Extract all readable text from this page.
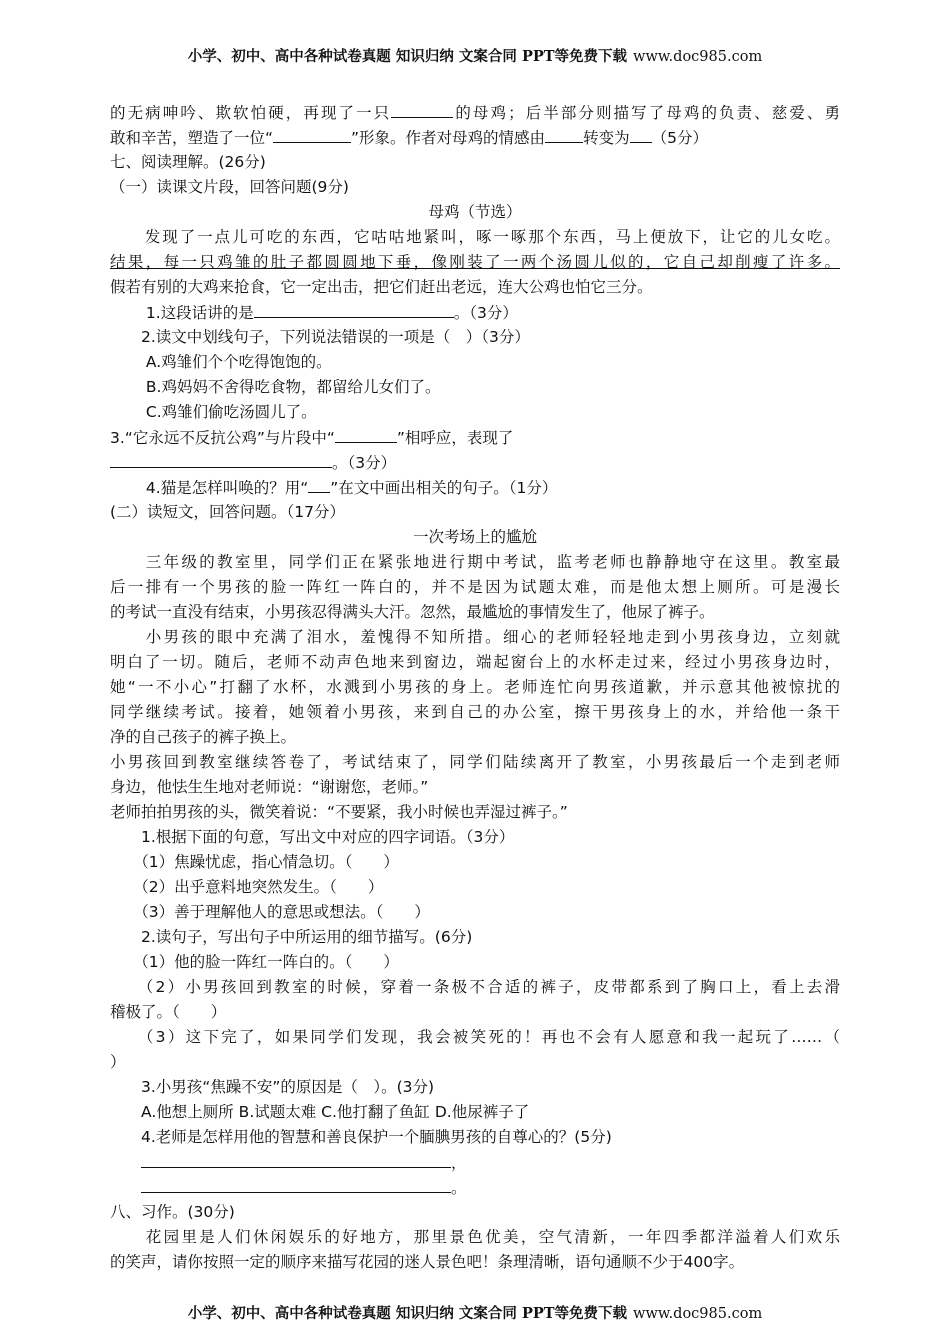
小学、初中、高中各种试卷真题 知识归纳 文案合同 PPT等免费下载 www.doc985.com
的无病呻吟、欺软怕硬，再现了一只	的母鸡；后半部分则描写了母鸡的负责、慈爱、勇
敢和辛苦，塑造了一位“	”形象。作者对母鸡的情感由 转变为 （5分）
七、阅读理解。(26分)
（一）读课文片段，回答问题(9分)
母鸡（节选）
　　发现了一点儿可吃的东西，它咕咕地紧叫，啄一啄那个东西，马上便放下，让它的儿女吃。
结果，每一只鸡雏的肚子都圆圆地下垂，像刚装了一两个汤圆儿似的，它自己却削瘦了许多。
假若有别的大鸡来抢食，它一定出击，把它们赶出老远，连大公鸡也怕它三分。
　　 1.这段话讲的是	。（3分）
　　2.读文中划线句子，下列说法错误的一项是（　）（3分）
　　 A.鸡雏们个个吃得饱饱的。
　　 B.鸡妈妈不舍得吃食物，都留给儿女们了。
　　 C.鸡雏们偷吃汤圆儿了。
3.“它永远不反抗公鸡”与片段中“	”相呼应，表现了
。（3分）
　　 4.猫是怎样叫唤的？用“ ”在文中画出相关的句子。（1分）
(二）读短文，回答问题。（17分）
一次考场上的尴尬
　　三年级的教室里，同学们正在紧张地进行期中考试，监考老师也静静地守在这里。教室最
后一排有一个男孩的脸一阵红一阵白的，并不是因为试题太难，而是他太想上厕所。可是漫长
的考试一直没有结束，小男孩忍得满头大汗。忽然，最尴尬的事情发生了，他尿了裤子。
　　小男孩的眼中充满了泪水，羞愧得不知所措。细心的老师轻轻地走到小男孩身边，立刻就
明白了一切。随后，老师不动声色地来到窗边，端起窗台上的水杯走过来，经过小男孩身边时，
她“一不小心”打翻了水杯，水溅到小男孩的身上。老师连忙向男孩道歉，并示意其他被惊扰的
同学继续考试。接着，她领着小男孩，来到自己的办公室，擦干男孩身上的水，并给他一条干
净的自己孩子的裤子换上。
小男孩回到教室继续答卷了，考试结束了，同学们陆续离开了教室，小男孩最后一个走到老师
身边，他怯生生地对老师说：“谢谢您，老师。”
老师拍拍男孩的头，微笑着说：“不要紧，我小时候也弄湿过裤子。”
　　1.根据下面的句意，写出文中对应的四字词语。（3分）
　　（1）焦躁忧虑，指心情急切。（　　）
　　（2）出乎意料地突然发生。（　　）
　　（3）善于理解他人的意思或想法。（　　）
　　2.读句子，写出句子中所运用的细节描写。(6分)
　　（1）他的脸一阵红一阵白的。（　　）
　　（2）小男孩回到教室的时候，穿着一条极不合适的裤子，皮带都系到了胸口上，看上去滑
稽极了。（　　）
　　（3）这下完了，如果同学们发现，我会被笑死的！再也不会有人愿意和我一起玩了……（
）
　　3.小男孩“焦躁不安”的原因是（　）。(3分)
　　A.他想上厕所 B.试题太难 C.他打翻了鱼缸 D.他尿裤子了
　　4.老师是怎样用他的智慧和善良保护一个腼腆男孩的自尊心的？(5分)
　　，
　　。
八、习作。(30分)
　　花园里是人们休闲娱乐的好地方，那里景色优美，空气清新，一年四季都洋溢着人们欢乐
的笑声，请你按照一定的顺序来描写花园的迷人景色吧！条理清晰，语句通顺不少于400字。
小学、初中、高中各种试卷真题 知识归纳 文案合同 PPT等免费下载 www.doc985.com
